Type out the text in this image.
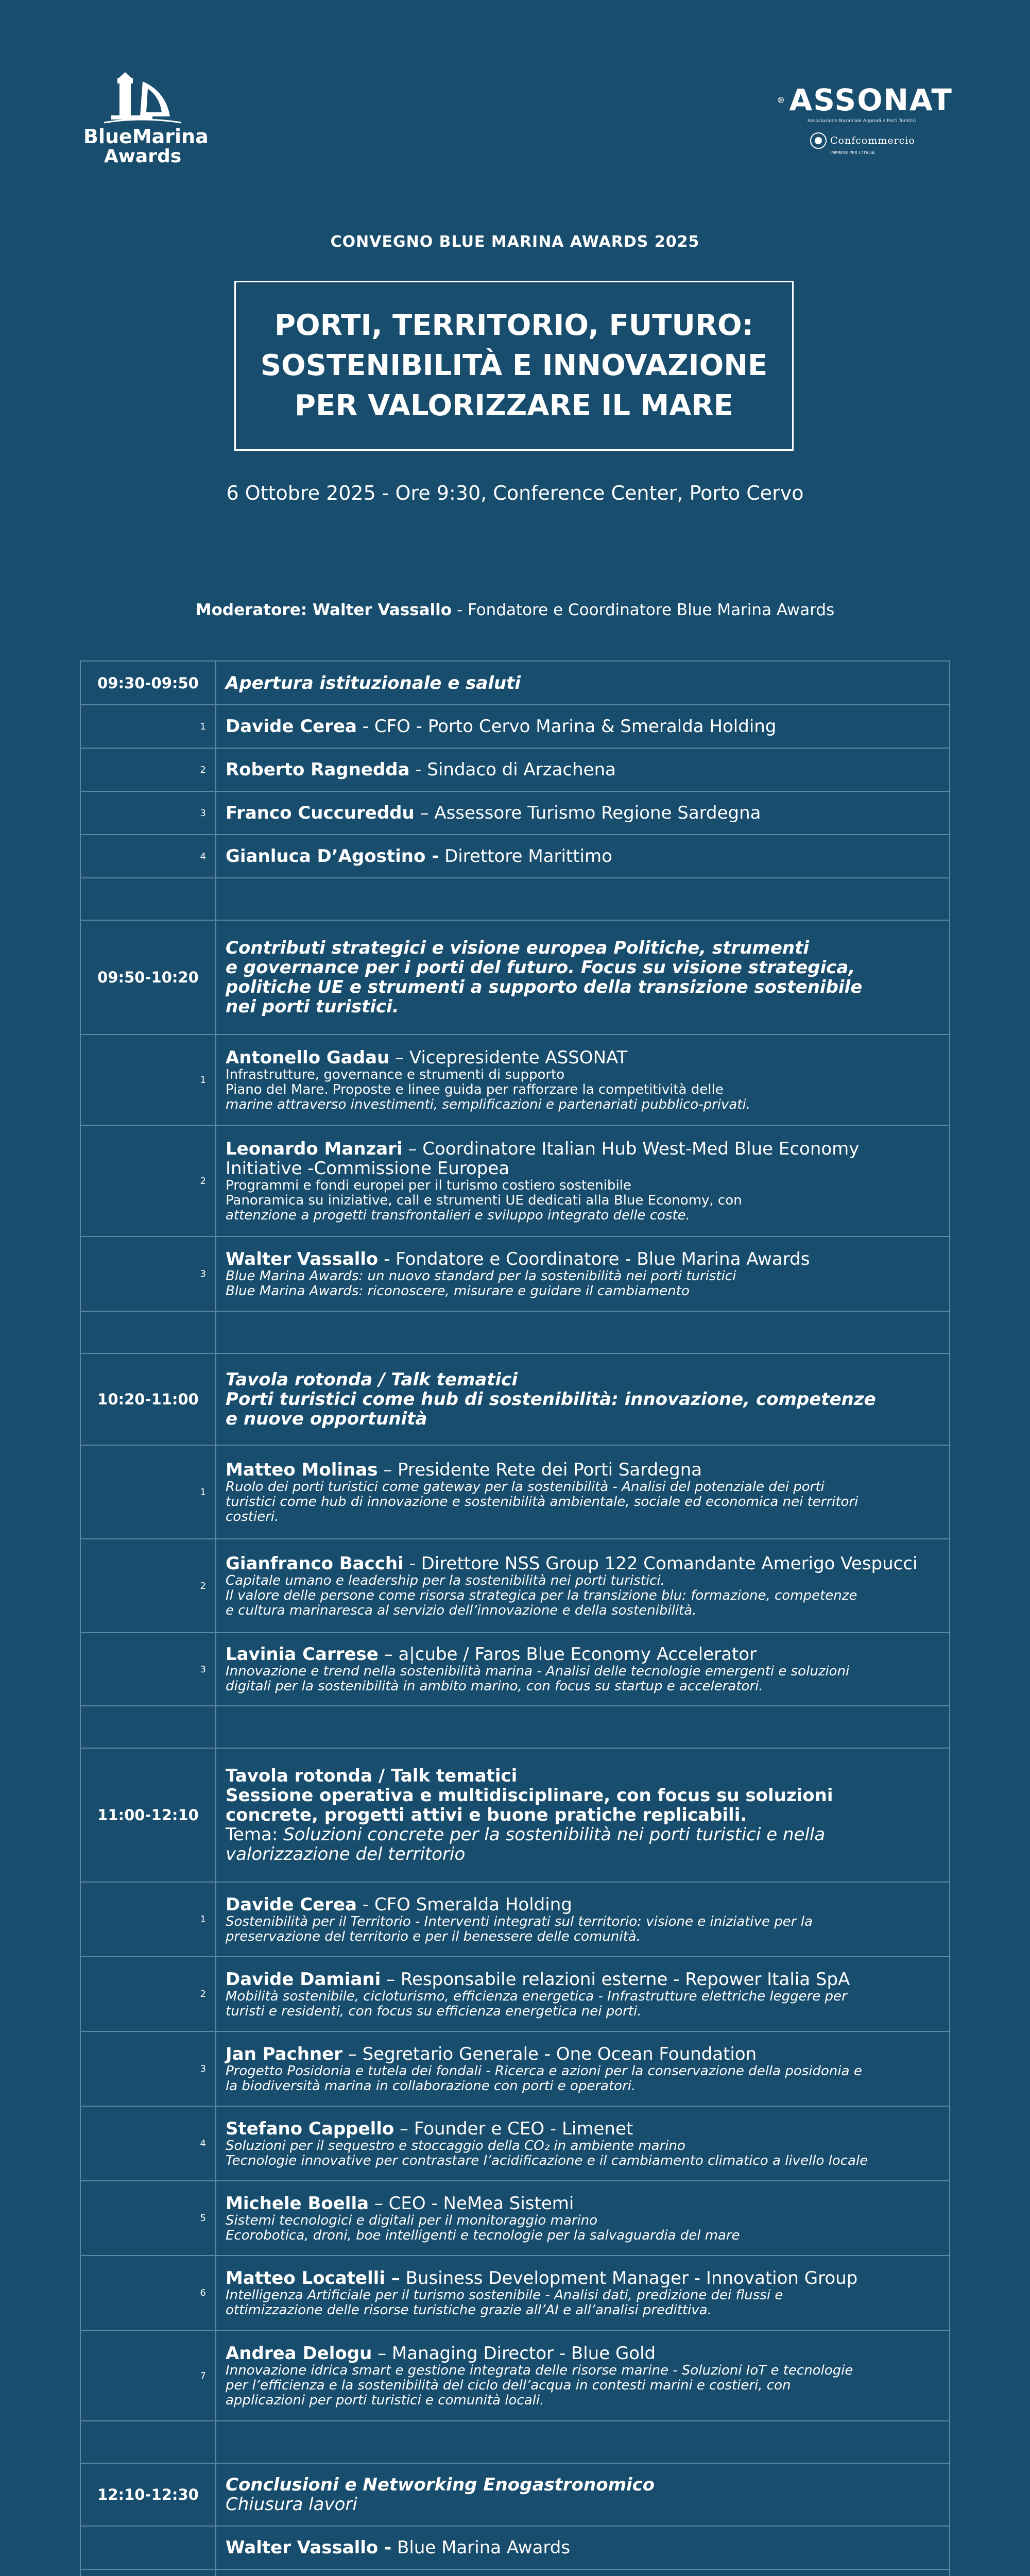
BlueMarina
Awards
ASSONAT
Associazione Nazionale Approdi e Porti Turistici
Confcommercio
IMPRESE PER L'ITALIA
CONVEGNO BLUE MARINA AWARDS 2025
PORTI, TERRITORIO, FUTURO:
SOSTENIBILITÀ E INNOVAZIONE
PER VALORIZZARE IL MARE
6 Ottobre 2025 - Ore 9:30, Conference Center, Porto Cervo
Moderatore: Walter Vassallo - Fondatore e Coordinatore Blue Marina Awards
09:30-09:50	Apertura istituzionale e saluti
1	Davide Cerea - CFO - Porto Cervo Marina & Smeralda Holding
2	Roberto Ragnedda - Sindaco di Arzachena
3	Franco Cuccureddu – Assessore Turismo Regione Sardegna
4	Gianluca D’Agostino - Direttore Marittimo

09:50-10:20	Contributi strategici e visione europea Politiche, strumenti
e governance per i porti del futuro. Focus su visione strategica,
politiche UE e strumenti a supporto della transizione sostenibile
nei porti turistici.

1	Antonello Gadau – Vicepresidente ASSONAT
Infrastrutture, governance e strumenti di supporto
Piano del Mare. Proposte e linee guida per rafforzare la competitività delle
marine attraverso investimenti, semplificazioni e partenariati pubblico-privati.

2	Leonardo Manzari – Coordinatore Italian Hub West-Med Blue Economy Initiative -Commissione Europea
Programmi e fondi europei per il turismo costiero sostenibile
Panoramica su iniziative, call e strumenti UE dedicati alla Blue Economy, con
attenzione a progetti transfrontalieri e sviluppo integrato delle coste.

3	Walter Vassallo - Fondatore e Coordinatore - Blue Marina Awards
Blue Marina Awards: un nuovo standard per la sostenibilità nei porti turistici
Blue Marina Awards: riconoscere, misurare e guidare il cambiamento

10:20-11:00	Tavola rotonda / Talk tematici
Porti turistici come hub di sostenibilità: innovazione, competenze
e nuove opportunità

1	Matteo Molinas – Presidente Rete dei Porti Sardegna
Ruolo dei porti turistici come gateway per la sostenibilità - Analisi del potenziale dei porti
turistici come hub di innovazione e sostenibilità ambientale, sociale ed economica nei territori
costieri.

2	Gianfranco Bacchi - Direttore NSS Group 122 Comandante Amerigo Vespucci
Capitale umano e leadership per la sostenibilità nei porti turistici.
Il valore delle persone come risorsa strategica per la transizione blu: formazione, competenze
e cultura marinaresca al servizio dell’innovazione e della sostenibilità.

3	Lavinia Carrese – a|cube / Faros Blue Economy Accelerator
Innovazione e trend nella sostenibilità marina - Analisi delle tecnologie emergenti e soluzioni
digitali per la sostenibilità in ambito marino, con focus su startup e acceleratori.

11:00-12:10	Tavola rotonda / Talk tematici
Sessione operativa e multidisciplinare, con focus su soluzioni
concrete, progetti attivi e buone pratiche replicabili.
Tema: Soluzioni concrete per la sostenibilità nei porti turistici e nella
valorizzazione del territorio

1	Davide Cerea - CFO Smeralda Holding
Sostenibilità per il Territorio - Interventi integrati sul territorio: visione e iniziative per la
preservazione del territorio e per il benessere delle comunità.

2	Davide Damiani – Responsabile relazioni esterne - Repower Italia SpA
Mobilità sostenibile, cicloturismo, efficienza energetica - Infrastrutture elettriche leggere per
turisti e residenti, con focus su efficienza energetica nei porti.

3	Jan Pachner – Segretario Generale - One Ocean Foundation
Progetto Posidonia e tutela dei fondali - Ricerca e azioni per la conservazione della posidonia e
la biodiversità marina in collaborazione con porti e operatori.

4	Stefano Cappello – Founder e CEO - Limenet
Soluzioni per il sequestro e stoccaggio della CO₂ in ambiente marino
Tecnologie innovative per contrastare l’acidificazione e il cambiamento climatico a livello locale

5	Michele Boella – CEO - NeMea Sistemi
Sistemi tecnologici e digitali per il monitoraggio marino
Ecorobotica, droni, boe intelligenti e tecnologie per la salvaguardia del mare

6	Matteo Locatelli – Business Development Manager - Innovation Group
Intelligenza Artificiale per il turismo sostenibile - Analisi dati, predizione dei flussi e
ottimizzazione delle risorse turistiche grazie all’AI e all’analisi predittiva.

7	Andrea Delogu – Managing Director - Blue Gold
Innovazione idrica smart e gestione integrata delle risorse marine - Soluzioni IoT e tecnologie
per l’efficienza e la sostenibilità del ciclo dell’acqua in contesti marini e costieri, con
applicazioni per porti turistici e comunità locali.

12:10-12:30	Conclusioni e Networking Enogastronomico
Chiusura lavori

	Walter Vassallo - Blue Marina Awards
